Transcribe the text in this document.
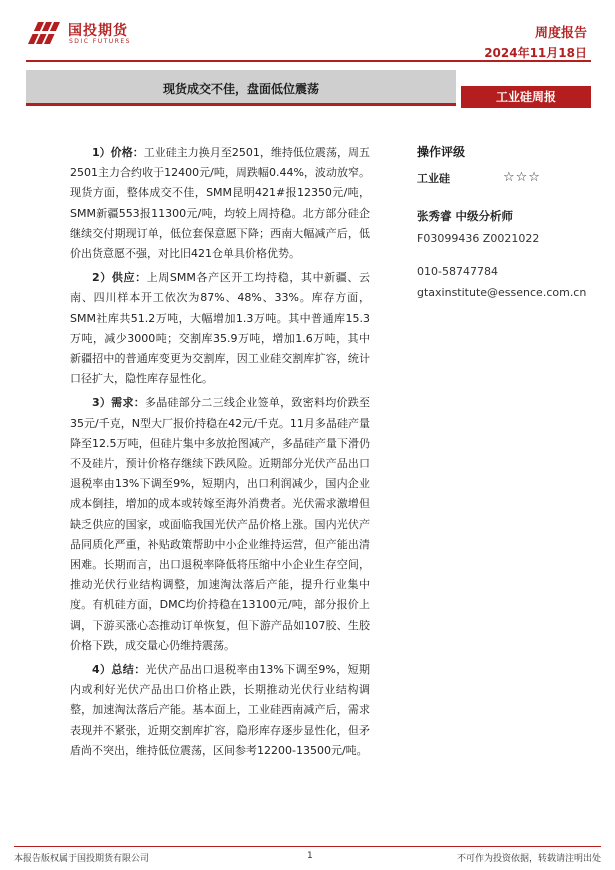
国投期货
SDIC FUTURES
周度报告
2024年11月18日
现货成交不佳，盘面低位震荡
工业硅周报

1）价格：工业硅主力换月至2501，维持低位震荡，周五2501主力合约收于12400元/吨，周跌幅0.44%，波动放窄。现货方面，整体成交不佳，SMM昆明421#报12350元/吨，SMM新疆553报11300元/吨，均较上周持稳。北方部分硅企继续交付期现订单，低位套保意愿下降；西南大幅减产后，低价出货意愿不强，对比旧421仓单具价格优势。

2）供应：上周SMM各产区开工均持稳，其中新疆、云南、四川样本开工依次为87%、48%、33%。库存方面，SMM社库共51.2万吨，大幅增加1.3万吨。其中普通库15.3万吨，减少3000吨；交割库35.9万吨，增加1.6万吨，其中新疆招中的普通库变更为交割库，因工业硅交割库扩容，统计口径扩大，隐性库存显性化。

3）需求：多晶硅部分二三线企业签单，致密料均价跌至35元/千克，N型大厂报价持稳在42元/千克。11月多晶硅产量降至12.5万吨，但硅片集中多放抢图减产，多晶硅产量下滑仍不及硅片，预计价格存继续下跌风险。近期部分光伏产品出口退税率由13%下调至9%，短期内，出口利润减少，国内企业成本倒挂，增加的成本或转嫁至海外消费者。光伏需求激增但缺乏供应的国家，或面临我国光伏产品价格上涨。国内光伏产品同质化严重，补贴政策帮助中小企业维持运营，但产能出清困难。长期而言，出口退税率降低将压缩中小企业生存空间，推动光伏行业结构调整，加速淘汰落后产能，提升行业集中度。有机硅方面，DMC均价持稳在13100元/吨，部分报价上调，下游买涨心态推动订单恢复，但下游产品如107胶、生胶价格下跌，成交量心仍维持震荡。

4）总结：光伏产品出口退税率由13%下调至9%，短期内或利好光伏产品出口价格止跌，长期推动光伏行业结构调整，加速淘汰落后产能。基本面上，工业硅西南减产后，需求表现并不紧张，近期交割库扩容，隐形库存逐步显性化，但矛盾尚不突出，维持低位震荡，区间参考12200-13500元/吨。

操作评级
工业硅	☆☆☆
张秀睿 中级分析师
F03099436 Z0021022
010-58747784
gtaxinstitute@essence.com.cn
本报告版权属于国投期货有限公司	1	不可作为投资依据，转载请注明出处
